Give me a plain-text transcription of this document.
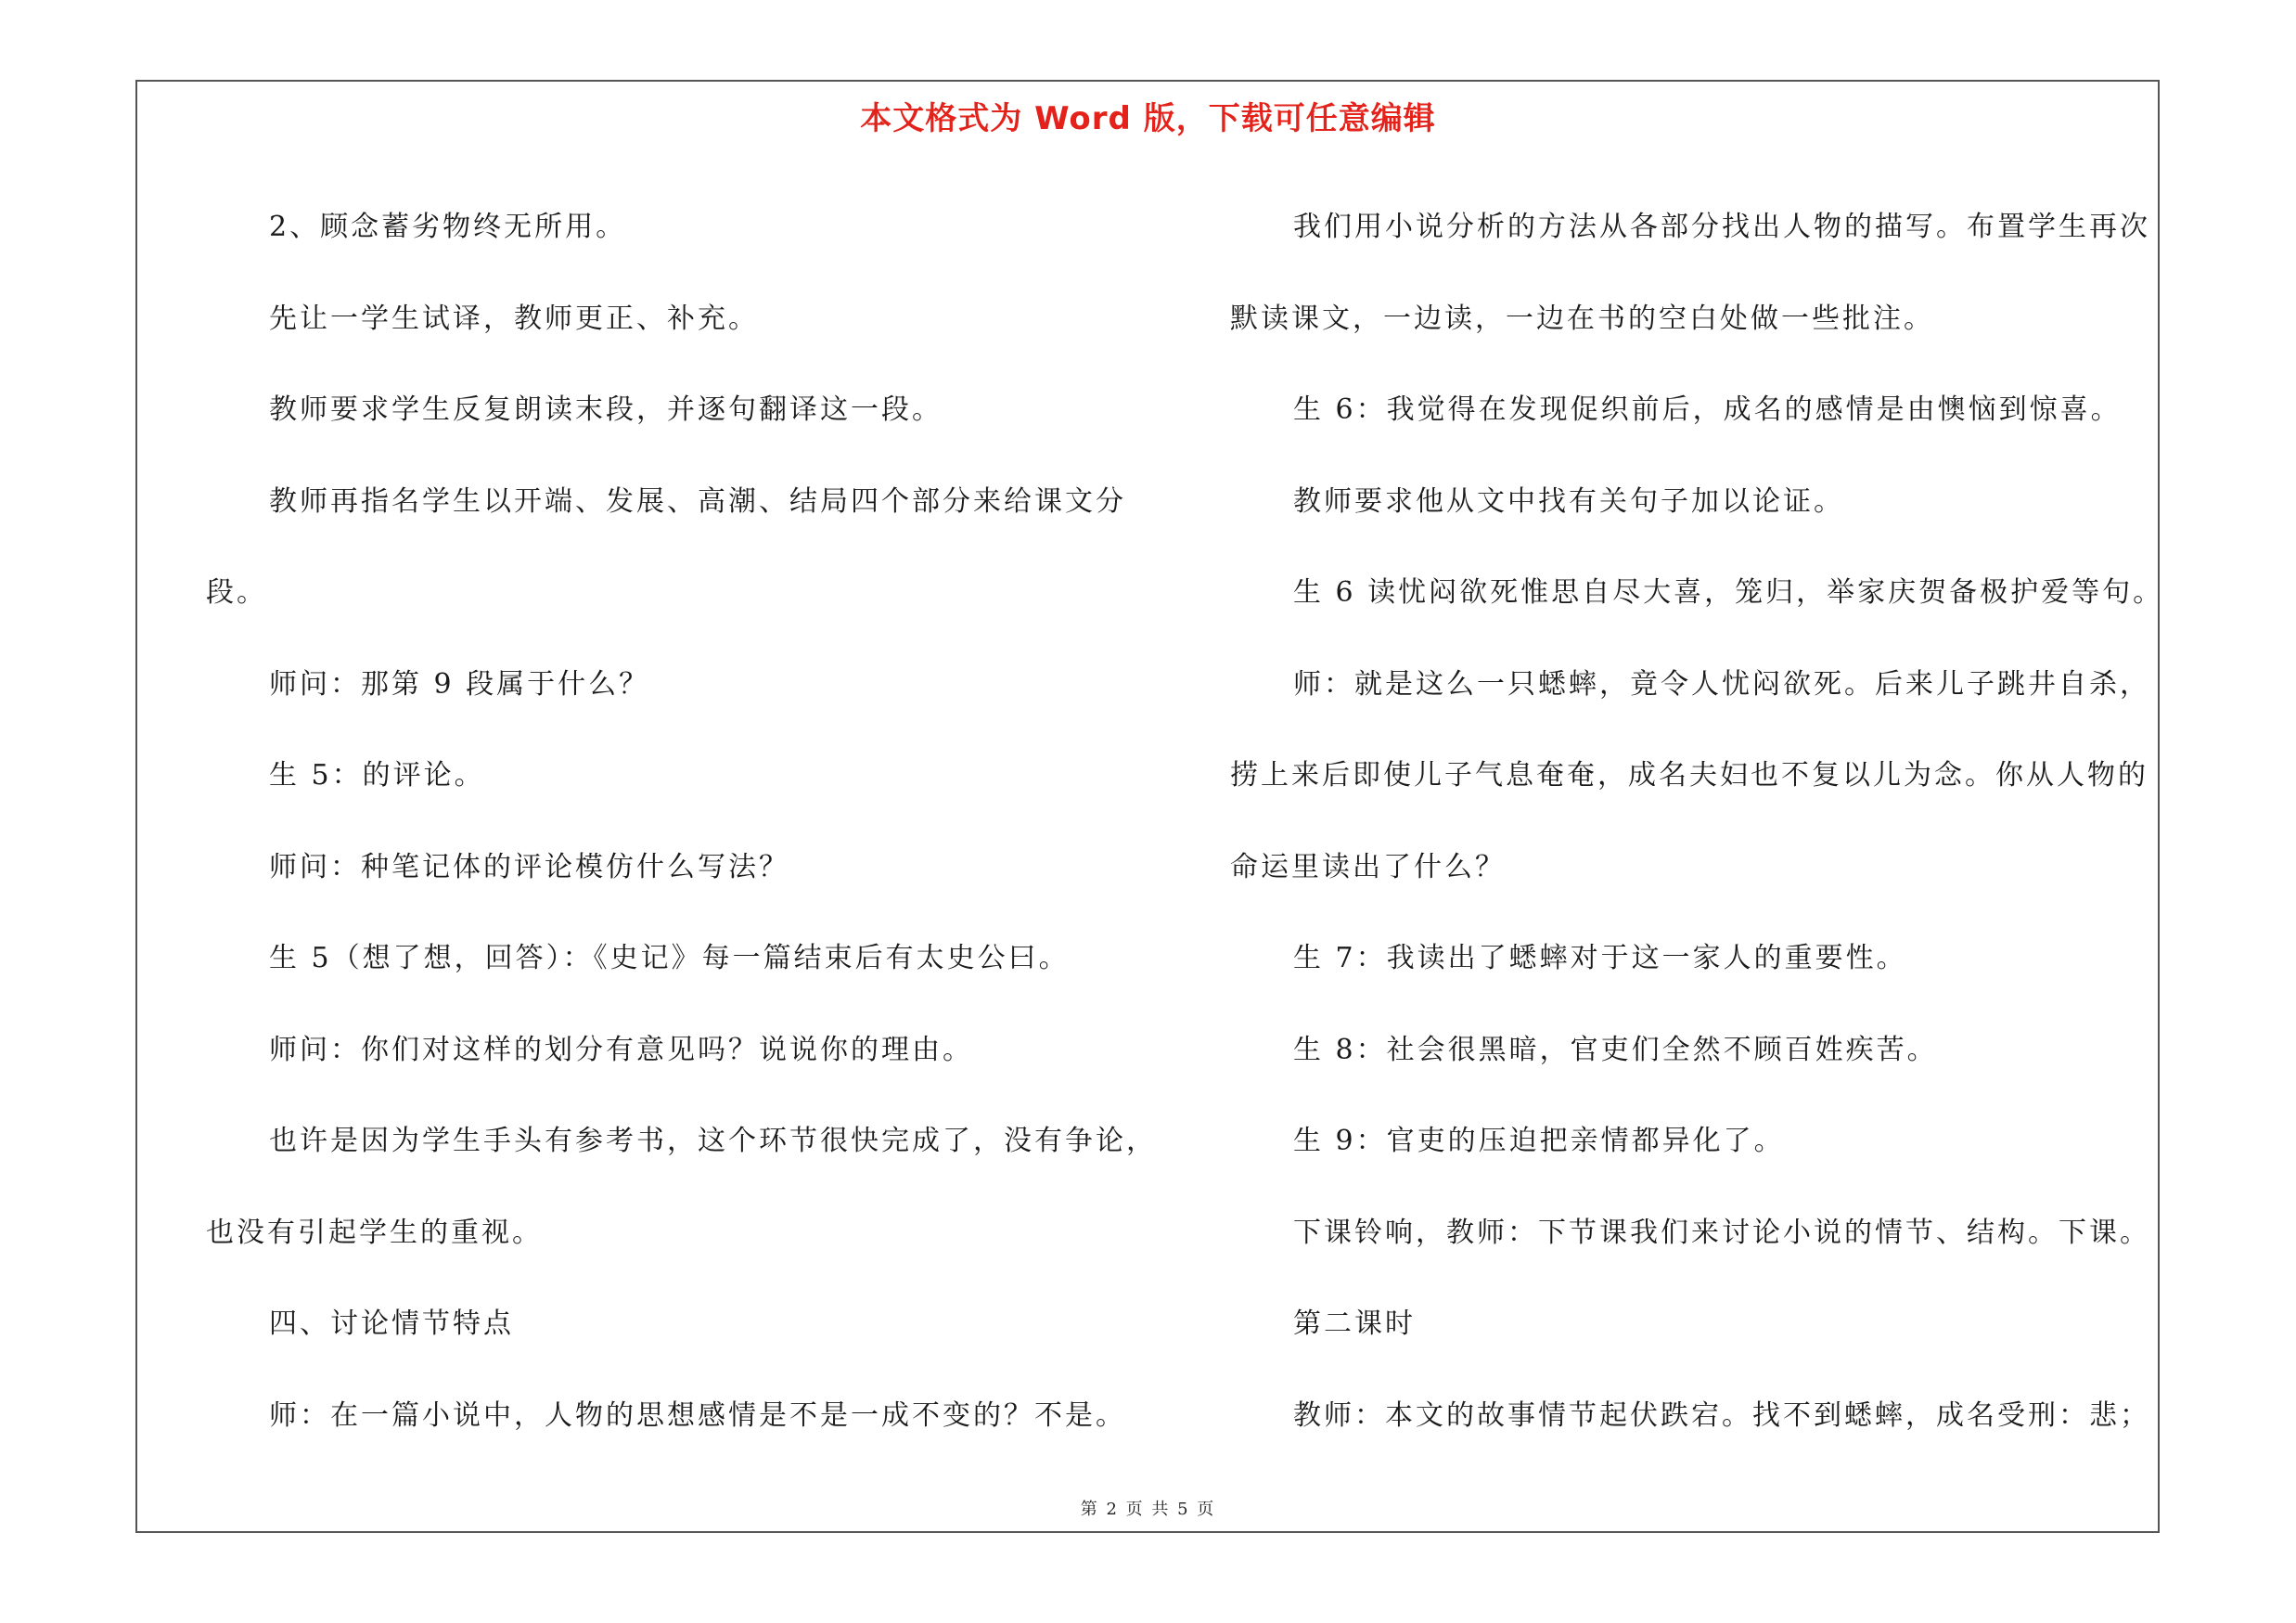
本文格式为 Word 版，下载可任意编辑
2、顾念蓄劣物终无所用。
先让一学生试译，教师更正、补充。
教师要求学生反复朗读末段，并逐句翻译这一段。
教师再指名学生以开端、发展、高潮、结局四个部分来给课文分
段。
师问：那第 9 段属于什么？
生 5：的评论。
师问：种笔记体的评论模仿什么写法？
生 5（想了想，回答）：《史记》每一篇结束后有太史公曰。
师问：你们对这样的划分有意见吗？说说你的理由。
也许是因为学生手头有参考书，这个环节很快完成了，没有争论，
也没有引起学生的重视。
四、讨论情节特点
师：在一篇小说中，人物的思想感情是不是一成不变的？不是。
我们用小说分析的方法从各部分找出人物的描写。布置学生再次
默读课文，一边读，一边在书的空白处做一些批注。
生 6：我觉得在发现促织前后，成名的感情是由懊恼到惊喜。
教师要求他从文中找有关句子加以论证。
生 6 读忧闷欲死惟思自尽大喜，笼归，举家庆贺备极护爱等句。
师：就是这么一只蟋蟀，竟令人忧闷欲死。后来儿子跳井自杀，
捞上来后即使儿子气息奄奄，成名夫妇也不复以儿为念。你从人物的
命运里读出了什么？
生 7：我读出了蟋蟀对于这一家人的重要性。
生 8：社会很黑暗，官吏们全然不顾百姓疾苦。
生 9：官吏的压迫把亲情都异化了。
下课铃响，教师：下节课我们来讨论小说的情节、结构。下课。
第二课时
教师：本文的故事情节起伏跌宕。找不到蟋蟀，成名受刑：悲；
第 2 页 共 5 页
